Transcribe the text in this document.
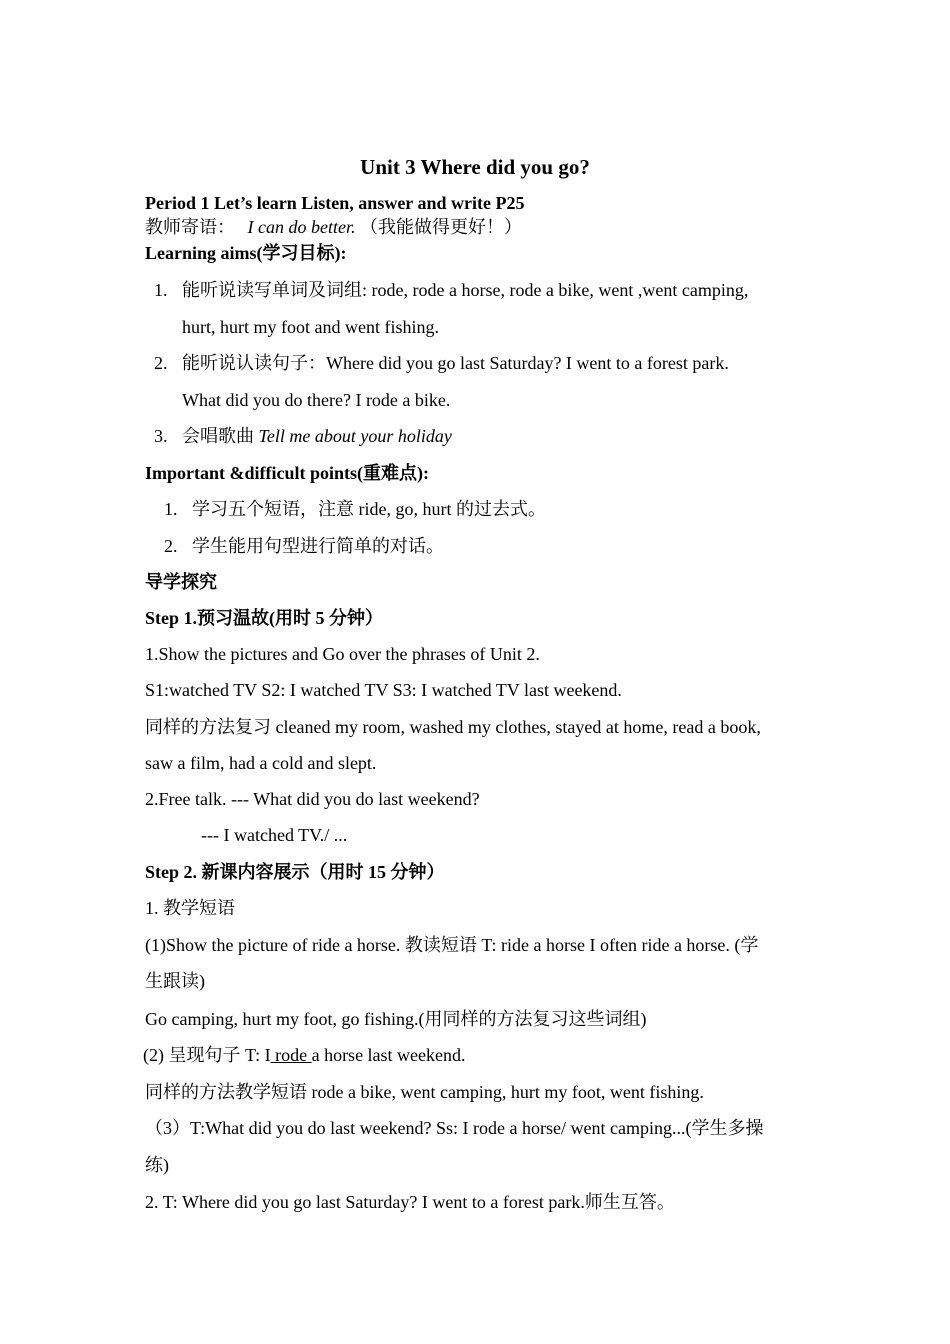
Unit 3 Where did you go?
Period 1 Let’s learn Listen, answer and write P25
教师寄语： I can do better. （我能做得更好！）
Learning aims(学习目标):
1. 能听说读写单词及词组: rode, rode a horse, rode a bike, went ,went camping,
hurt, hurt my foot and went fishing.
2. 能听说认读句子：Where did you go last Saturday? I went to a forest park.
What did you do there? I rode a bike.
3. 会唱歌曲 Tell me about your holiday
Important &difficult points(重难点):
1. 学习五个短语，注意 ride, go, hurt 的过去式。
2. 学生能用句型进行简单的对话。
导学探究
Step 1.预习温故(用时 5 分钟）
1.Show the pictures and Go over the phrases of Unit 2.
S1:watched TV S2: I watched TV S3: I watched TV last weekend.
同样的方法复习 cleaned my room, washed my clothes, stayed at home, read a book,
saw a film, had a cold and slept.
2.Free talk. --- What did you do last weekend?
--- I watched TV./ ...
Step 2. 新课内容展示（用时 15 分钟）
1. 教学短语
(1)Show the picture of ride a horse. 教读短语 T: ride a horse I often ride a horse. (学
生跟读)
Go camping, hurt my foot, go fishing.(用同样的方法复习这些词组)
(2) 呈现句子 T: I rode a horse last weekend.
同样的方法教学短语 rode a bike, went camping, hurt my foot, went fishing.
（3）T:What did you do last weekend? Ss: I rode a horse/ went camping...(学生多操
练)
2. T: Where did you go last Saturday? I went to a forest park.师生互答。
